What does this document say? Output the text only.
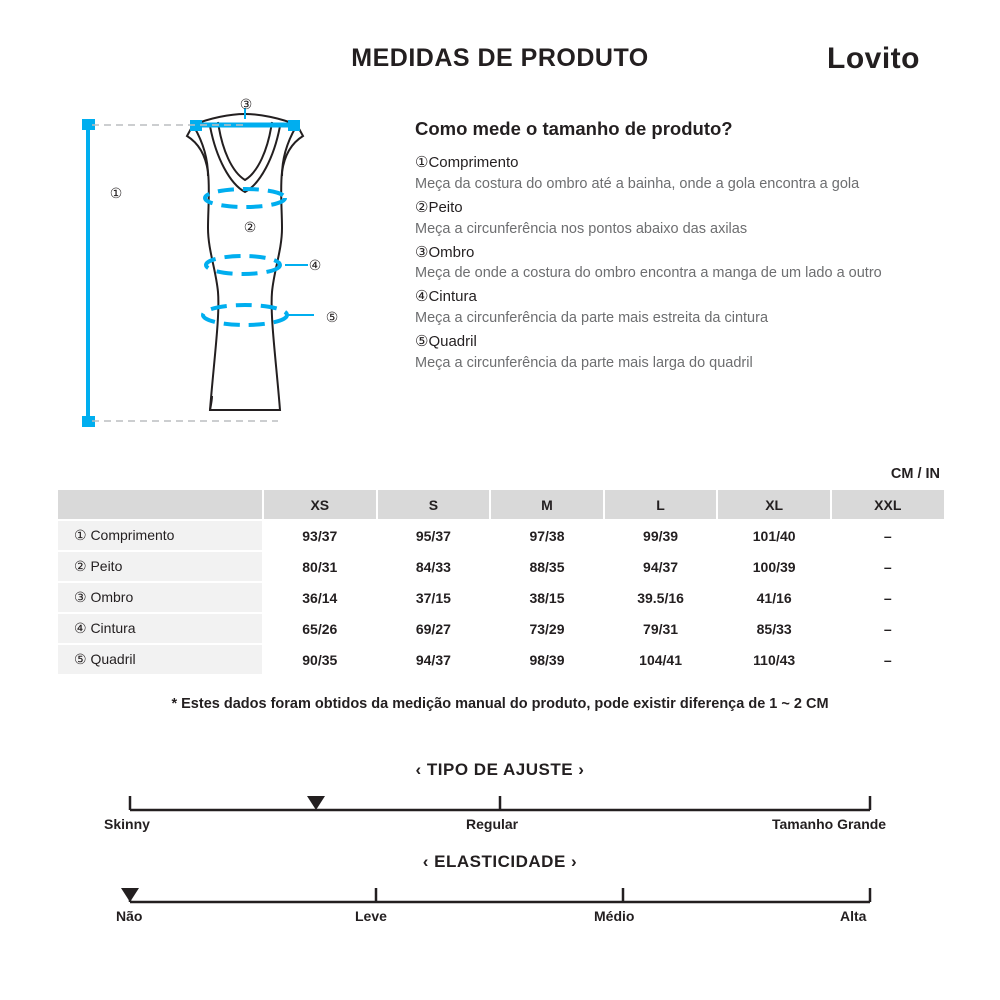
MEDIDAS DE PRODUTO	Lovito
③
①
②
④
⑤
Como mede o tamanho de produto?
①Comprimento
Meça da costura do ombro até a bainha, onde a gola encontra a gola
②Peito
Meça a circunferência nos pontos abaixo das axilas
③Ombro
Meça de onde a costura do ombro encontra a manga de um lado a outro
④Cintura
Meça a circunferência da parte mais estreita da cintura
⑤Quadril
Meça a circunferência da parte mais larga do quadril
CM / IN
	XS	S	M	L	XL	XXL
① Comprimento	93/37	95/37	97/38	99/39	101/40	–
② Peito	80/31	84/33	88/35	94/37	100/39	–
③ Ombro	36/14	37/15	38/15	39.5/16	41/16	–
④ Cintura	65/26	69/27	73/29	79/31	85/33	–
⑤ Quadril	90/35	94/37	98/39	104/41	110/43	–
* Estes dados foram obtidos da medição manual do produto, pode existir diferença de 1 ~ 2 CM
‹ TIPO DE AJUSTE ›
Skinny	Regular	Tamanho Grande
‹ ELASTICIDADE ›
Não	Leve	Médio	Alta
